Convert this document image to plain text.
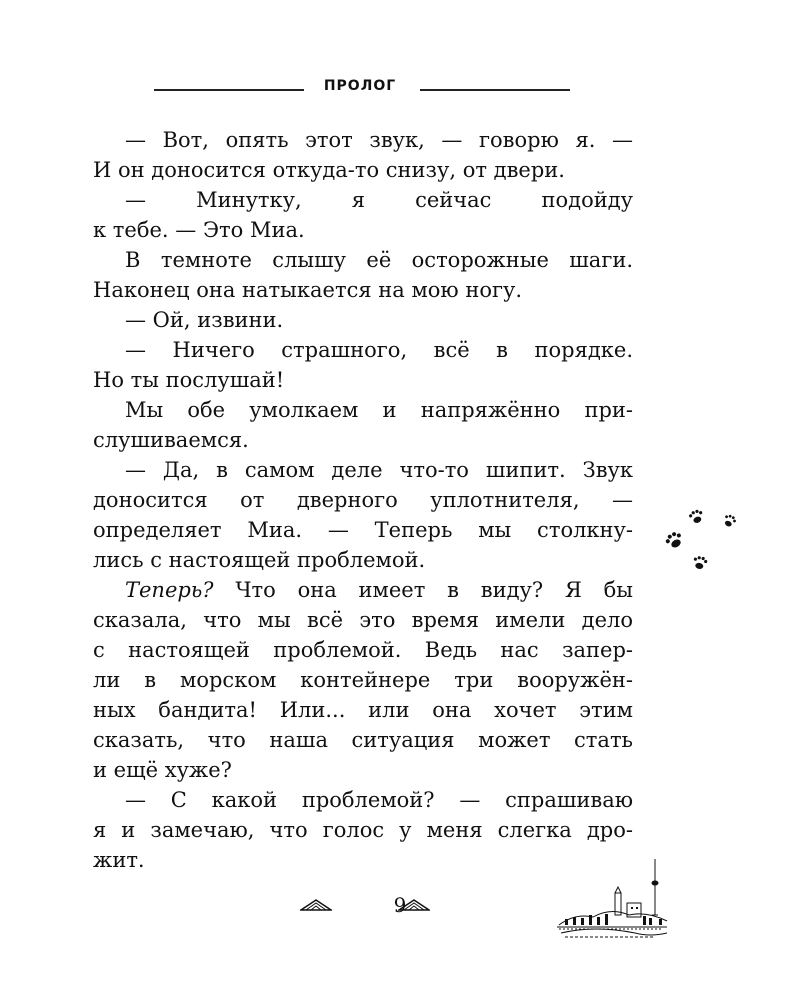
ПРОЛОГ
— Вот, опять этот звук, — говорю я. —
И он доносится откуда-то снизу, от двери.
— Минутку, я сейчас подойду
к тебе. — Это Миа.
В темноте слышу её осторожные шаги.
Наконец она натыкается на мою ногу.
— Ой, извини.
— Ничего страшного, всё в порядке.
Но ты послушай!
Мы обе умолкаем и напряжённо при-
слушиваемся.
— Да, в самом деле что-то шипит. Звук
доносится от дверного уплотнителя, —
определяет Миа. — Теперь мы столкну-
лись с настоящей проблемой.
Теперь? Что она имеет в виду? Я бы
сказала, что мы всё это время имели дело
с настоящей проблемой. Ведь нас запер-
ли в морском контейнере три вооружён-
ных бандита! Или... или она хочет этим
сказать, что наша ситуация может стать
и ещё хуже?
— С какой проблемой? — спрашиваю
я и замечаю, что голос у меня слегка дро-
жит.
9
